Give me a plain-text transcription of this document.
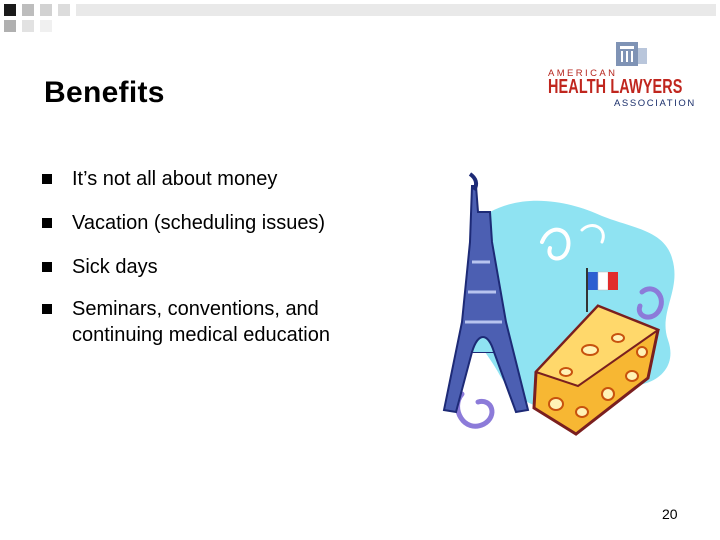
Benefits
AMERICAN
HEALTH LAWYERS
ASSOCIATION
It’s not all about money
Vacation (scheduling issues)
Sick days
Seminars, conventions, and continuing medical education
20
